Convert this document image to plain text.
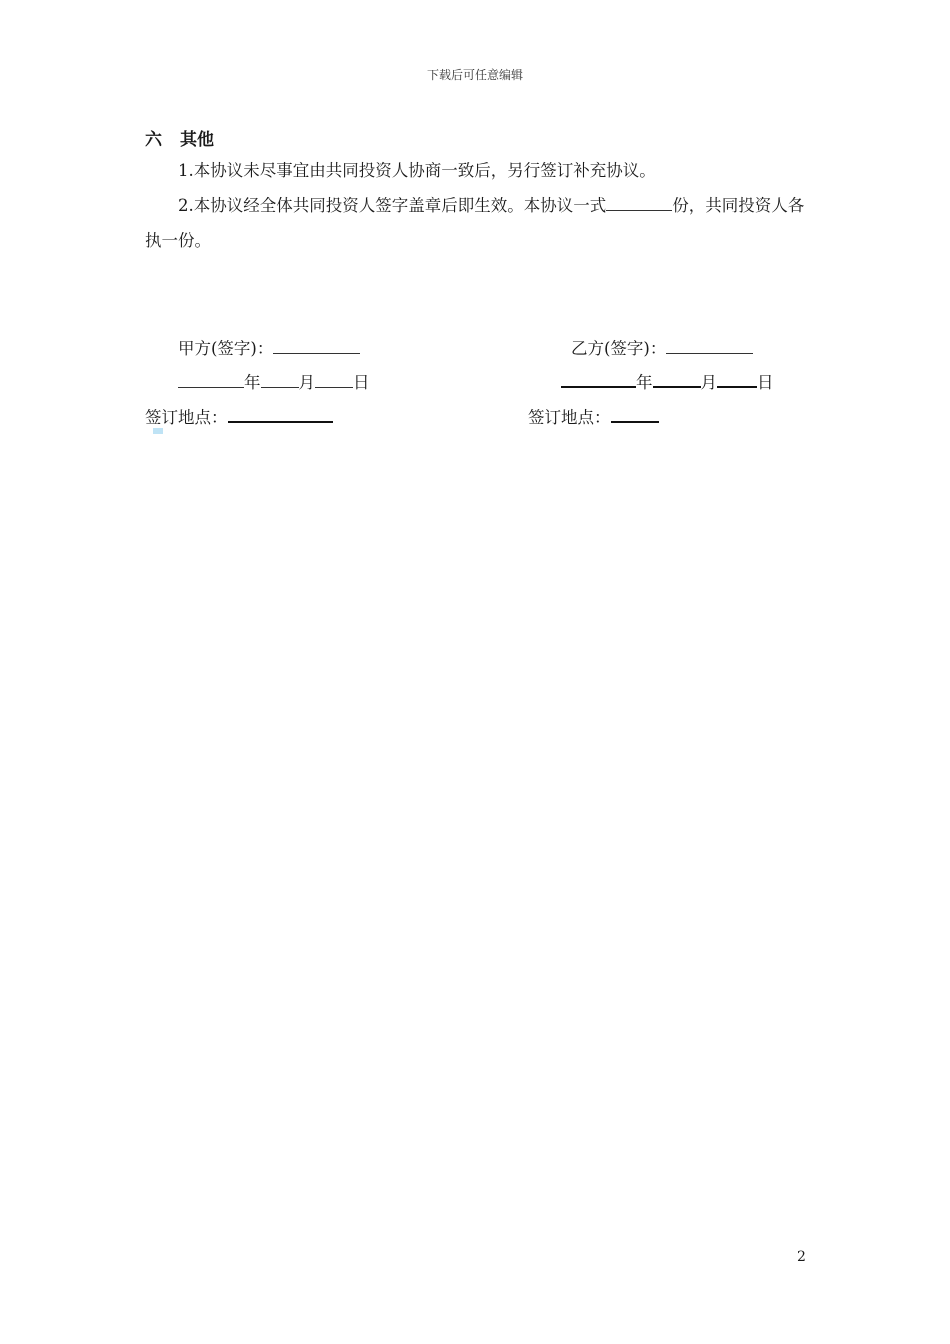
下载后可任意编辑
六 其他
1.本协议未尽事宜由共同投资人协商一致后，另行签订补充协议。
2.本协议经全体共同投资人签字盖章后即生效。本协议一式	份，共同投资人各执一份。
甲方(签字)：
年 月 日
签订地点：
乙方(签字)：
年	月 日
签订地点：
2
